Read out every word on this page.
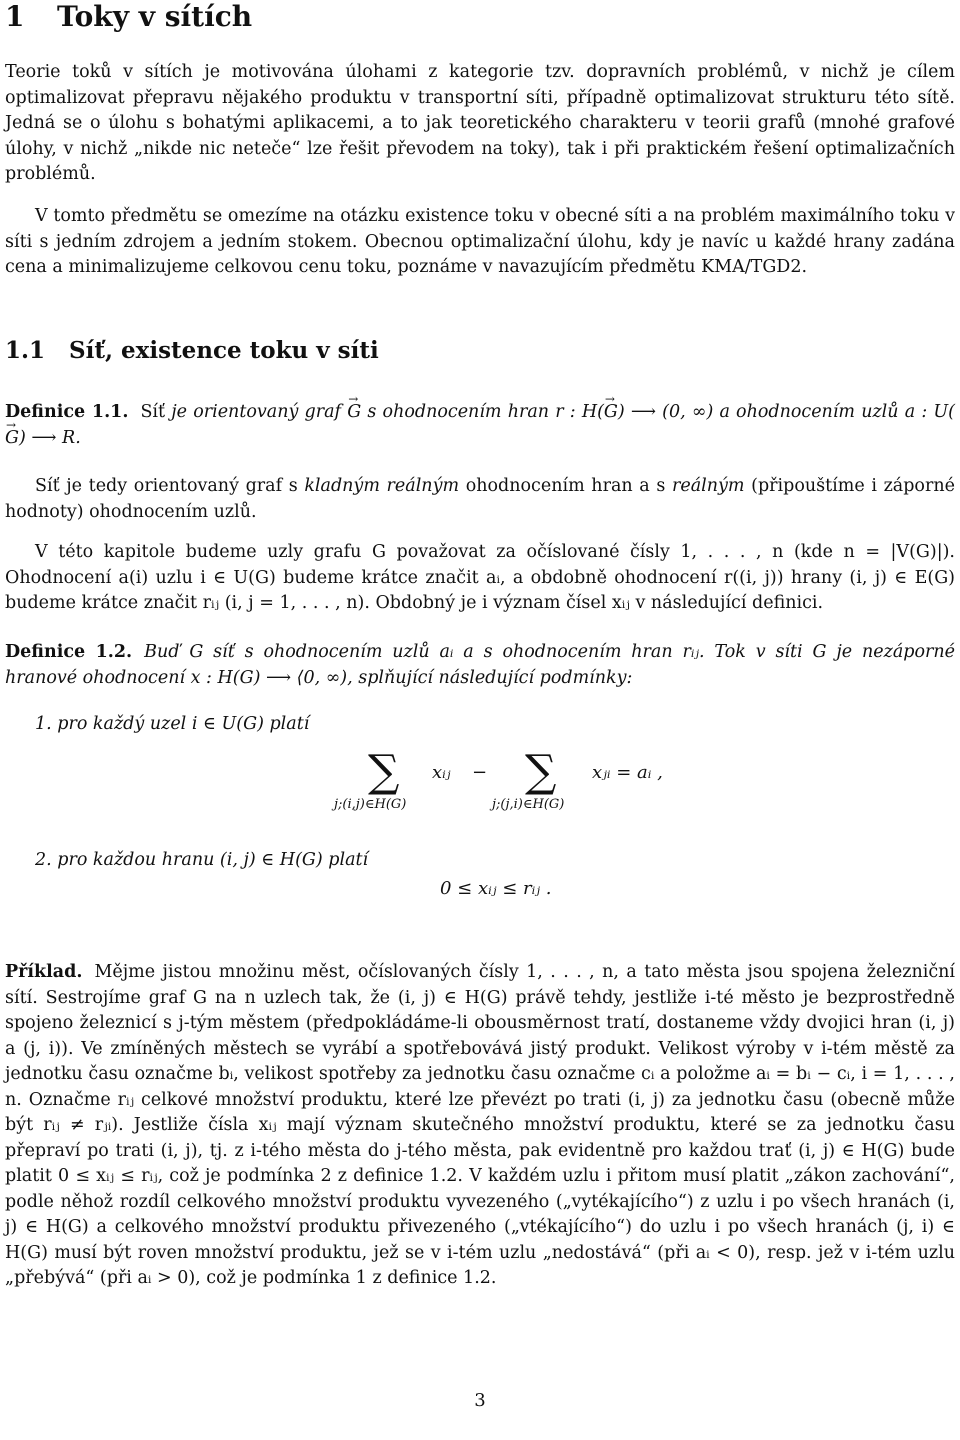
1 Toky v sítích
Teorie toků v sítích je motivována úlohami z kategorie tzv. dopravních problémů, v nichž je cílem optimalizovat přepravu nějakého produktu v transportní síti, případně optimalizovat strukturu této sítě. Jedná se o úlohu s bohatými aplikacemi, a to jak teoretického charakteru v teorii grafů (mnohé grafové úlohy, v nichž „nikde nic neteče“ lze řešit převodem na toky), tak i při praktickém řešení optimalizačních problémů.
V tomto předmětu se omezíme na otázku existence toku v obecné síti a na problém maximálního toku v síti s jedním zdrojem a jedním stokem. Obecnou optimalizační úlohu, kdy je navíc u každé hrany zadána cena a minimalizujeme celkovou cenu toku, poznáme v navazujícím předmětu KMA/TGD2.
1.1 Síť, existence toku v síti
Definice 1.1. Síť je orientovaný graf → G s ohodnocením hran r : H(→ G) ⟶ (0, ∞) a ohodnocením uzlů a : U(→ G) ⟶ R.
Síť je tedy orientovaný graf s kladným reálným ohodnocením hran a s reálným (připouštíme i záporné hodnoty) ohodnocením uzlů.
V této kapitole budeme uzly grafu G považovat za očíslované čísly 1, . . . , n (kde n = |V(G)|). Ohodnocení a(i) uzlu i ∈ U(G) budeme krátce značit aᵢ, a obdobně ohodnocení r((i, j)) hrany (i, j) ∈ E(G) budeme krátce značit rᵢⱼ (i, j = 1, . . . , n). Obdobný je i význam čísel xᵢⱼ v následující definici.
Definice 1.2. Buď G síť s ohodnocením uzlů aᵢ a s ohodnocením hran rᵢⱼ. Tok v síti G je nezáporné hranové ohodnocení x : H(G) ⟶ ⟨0, ∞), splňující následující podmínky:
1. pro každý uzel i ∈ U(G) platí
∑ xᵢⱼ − ∑ xⱼᵢ = aᵢ ,
j;(i,j)∈H(G)	j;(j,i)∈H(G)
2. pro každou hranu (i, j) ∈ H(G) platí
0 ≤ xᵢⱼ ≤ rᵢⱼ .
Příklad. Mějme jistou množinu měst, očíslovaných čísly 1, . . . , n, a tato města jsou spojena železniční sítí. Sestrojíme graf G na n uzlech tak, že (i, j) ∈ H(G) právě tehdy, jestliže i-té město je bezprostředně spojeno železnicí s j-tým městem (předpokládáme-li obousměrnost tratí, dostaneme vždy dvojici hran (i, j) a (j, i)). Ve zmíněných městech se vyrábí a spotřebovává jistý produkt. Velikost výroby v i-tém městě za jednotku času označme bᵢ, velikost spotřeby za jednotku času označme cᵢ a položme aᵢ = bᵢ − cᵢ, i = 1, . . . , n. Označme rᵢⱼ celkové množství produktu, které lze převézt po trati (i, j) za jednotku času (obecně může být rᵢⱼ ≠ rⱼᵢ). Jestliže čísla xᵢⱼ mají význam skutečného množství produktu, které se za jednotku času přepraví po trati (i, j), tj. z i-tého města do j-tého města, pak evidentně pro každou trať (i, j) ∈ H(G) bude platit 0 ≤ xᵢⱼ ≤ rᵢⱼ, což je podmínka 2 z definice 1.2. V každém uzlu i přitom musí platit „zákon zachování“, podle něhož rozdíl celkového množství produktu vyvezeného („vytékajícího“) z uzlu i po všech hranách (i, j) ∈ H(G) a celkového množství produktu přivezeného („vtékajícího“) do uzlu i po všech hranách (j, i) ∈ H(G) musí být roven množství produktu, jež se v i-tém uzlu „nedostává“ (při aᵢ < 0), resp. jež v i-tém uzlu „přebývá“ (při aᵢ > 0), což je podmínka 1 z definice 1.2.
3
